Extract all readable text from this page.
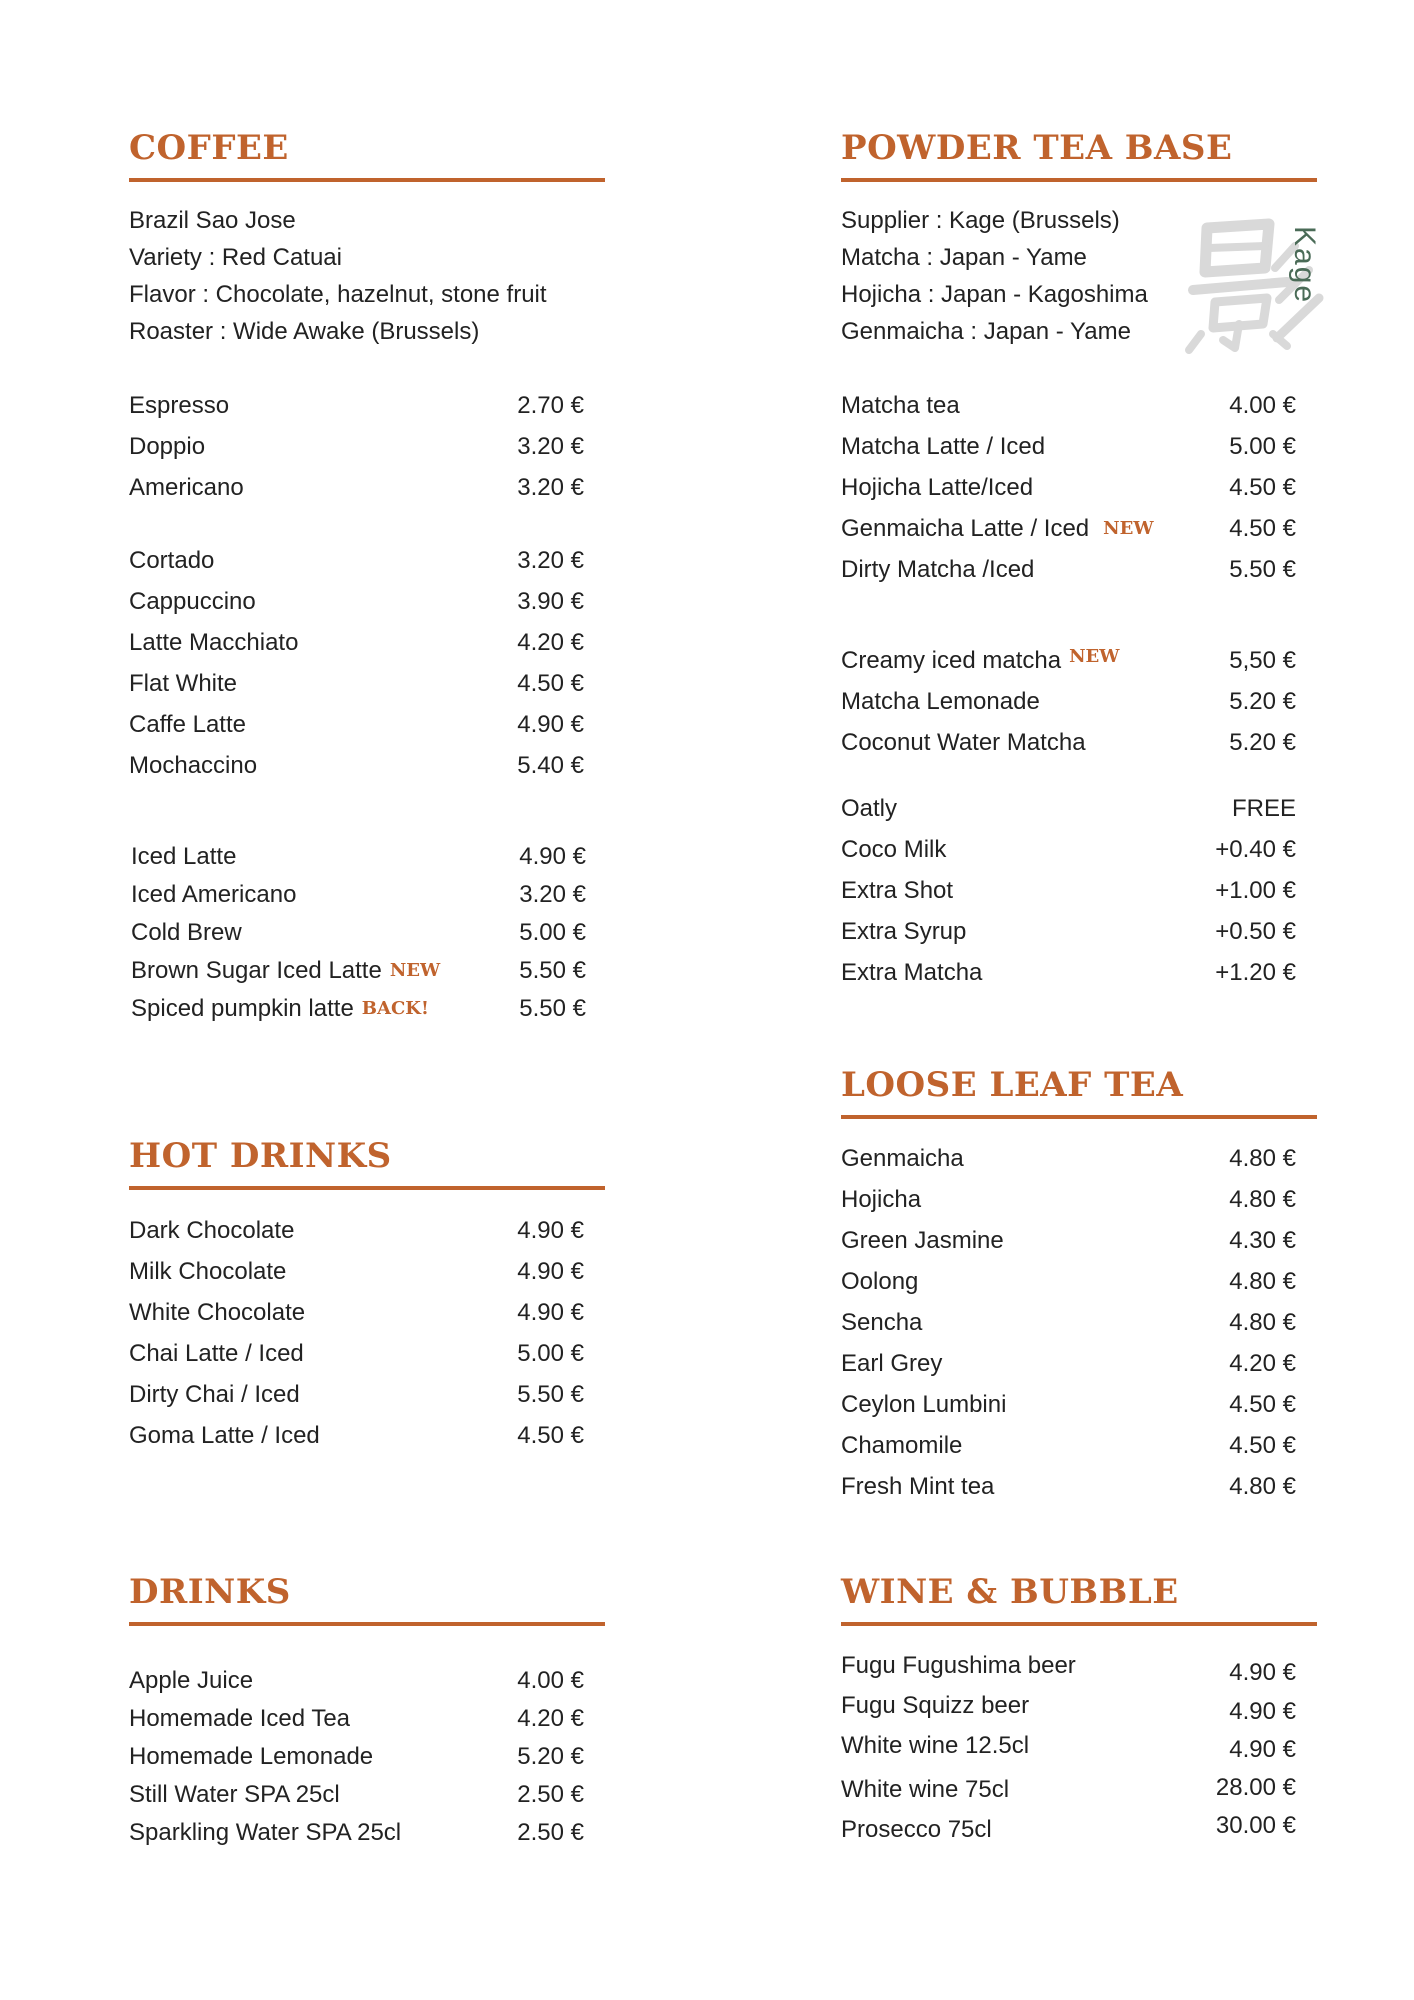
COFFEE
Brazil Sao Jose
Variety : Red Catuai
Flavor : Chocolate, hazelnut, stone fruit
Roaster : Wide Awake (Brussels)
Espresso	2.70 €
Doppio	3.20 €
Americano	3.20 €
Cortado	3.20 €
Cappuccino	3.90 €
Latte Macchiato	4.20 €
Flat White	4.50 €
Caffe Latte	4.90 €
Mochaccino	5.40 €
Iced Latte	4.90 €
Iced Americano	3.20 €
Cold Brew	5.00 €
Brown Sugar Iced Latte NEW	5.50 €
Spiced pumpkin latte BACK!	5.50 €
HOT DRINKS
Dark Chocolate	4.90 €
Milk Chocolate	4.90 €
White Chocolate	4.90 €
Chai Latte / Iced	5.00 €
Dirty Chai / Iced	5.50 €
Goma Latte / Iced	4.50 €
DRINKS
Apple Juice	4.00 €
Homemade Iced Tea	4.20 €
Homemade Lemonade	5.20 €
Still Water SPA 25cl	2.50 €
Sparkling Water SPA 25cl	2.50 €
POWDER TEA BASE
Supplier : Kage (Brussels)
Matcha : Japan - Yame
Hojicha : Japan - Kagoshima
Genmaicha : Japan - Yame
Kage
Matcha tea	4.00 €
Matcha Latte / Iced	5.00 €
Hojicha Latte/Iced	4.50 €
Genmaicha Latte / Iced NEW	4.50 €
Dirty Matcha /Iced	5.50 €
Creamy iced matcha $^{NEW}$	5,50 €
Matcha Lemonade	5.20 €
Coconut Water Matcha	5.20 €
Oatly	FREE
Coco Milk	+0.40 €
Extra Shot	+1.00 €
Extra Syrup	+0.50 €
Extra Matcha	+1.20 €
LOOSE LEAF TEA
Genmaicha	4.80 €
Hojicha	4.80 €
Green Jasmine	4.30 €
Oolong	4.80 €
Sencha	4.80 €
Earl Grey	4.20 €
Ceylon Lumbini	4.50 €
Chamomile	4.50 €
Fresh Mint tea	4.80 €
WINE & BUBBLE
Fugu Fugushima beer	4.90 €
Fugu Squizz beer	4.90 €
White wine 12.5cl	4.90 €
White wine 75cl	28.00 €
Prosecco 75cl	30.00 €
